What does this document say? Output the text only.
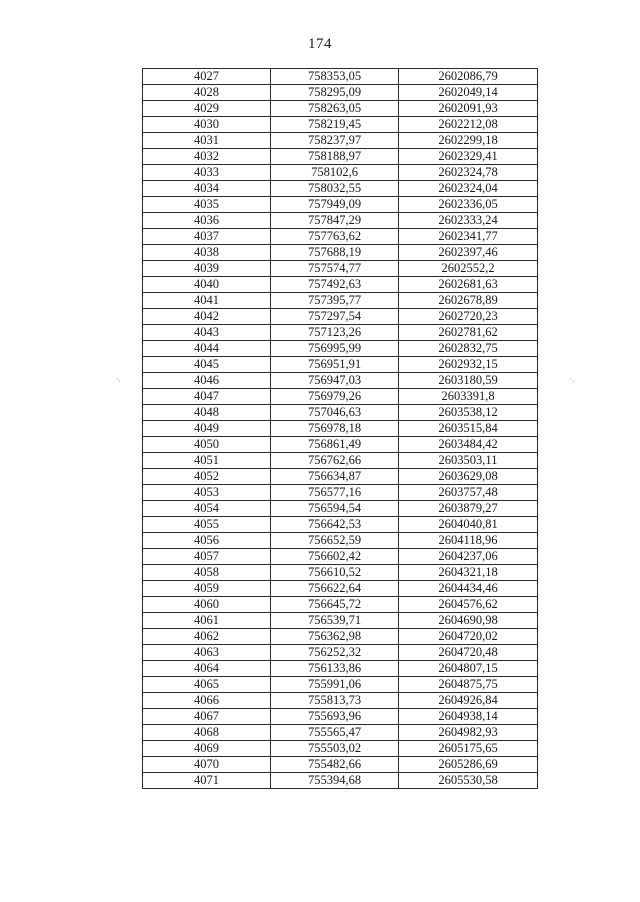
174
·.	·.
4027	758353,05	2602086,79
4028	758295,09	2602049,14
4029	758263,05	2602091,93
4030	758219,45	2602212,08
4031	758237,97	2602299,18
4032	758188,97	2602329,41
4033	758102,6	2602324,78
4034	758032,55	2602324,04
4035	757949,09	2602336,05
4036	757847,29	2602333,24
4037	757763,62	2602341,77
4038	757688,19	2602397,46
4039	757574,77	2602552,2
4040	757492,63	2602681,63
4041	757395,77	2602678,89
4042	757297,54	2602720,23
4043	757123,26	2602781,62
4044	756995,99	2602832,75
4045	756951,91	2602932,15
4046	756947,03	2603180,59
4047	756979,26	2603391,8
4048	757046,63	2603538,12
4049	756978,18	2603515,84
4050	756861,49	2603484,42
4051	756762,66	2603503,11
4052	756634,87	2603629,08
4053	756577,16	2603757,48
4054	756594,54	2603879,27
4055	756642,53	2604040,81
4056	756652,59	2604118,96
4057	756602,42	2604237,06
4058	756610,52	2604321,18
4059	756622,64	2604434,46
4060	756645,72	2604576,62
4061	756539,71	2604690,98
4062	756362,98	2604720,02
4063	756252,32	2604720,48
4064	756133,86	2604807,15
4065	755991,06	2604875,75
4066	755813,73	2604926,84
4067	755693,96	2604938,14
4068	755565,47	2604982,93
4069	755503,02	2605175,65
4070	755482,66	2605286,69
4071	755394,68	2605530,58
